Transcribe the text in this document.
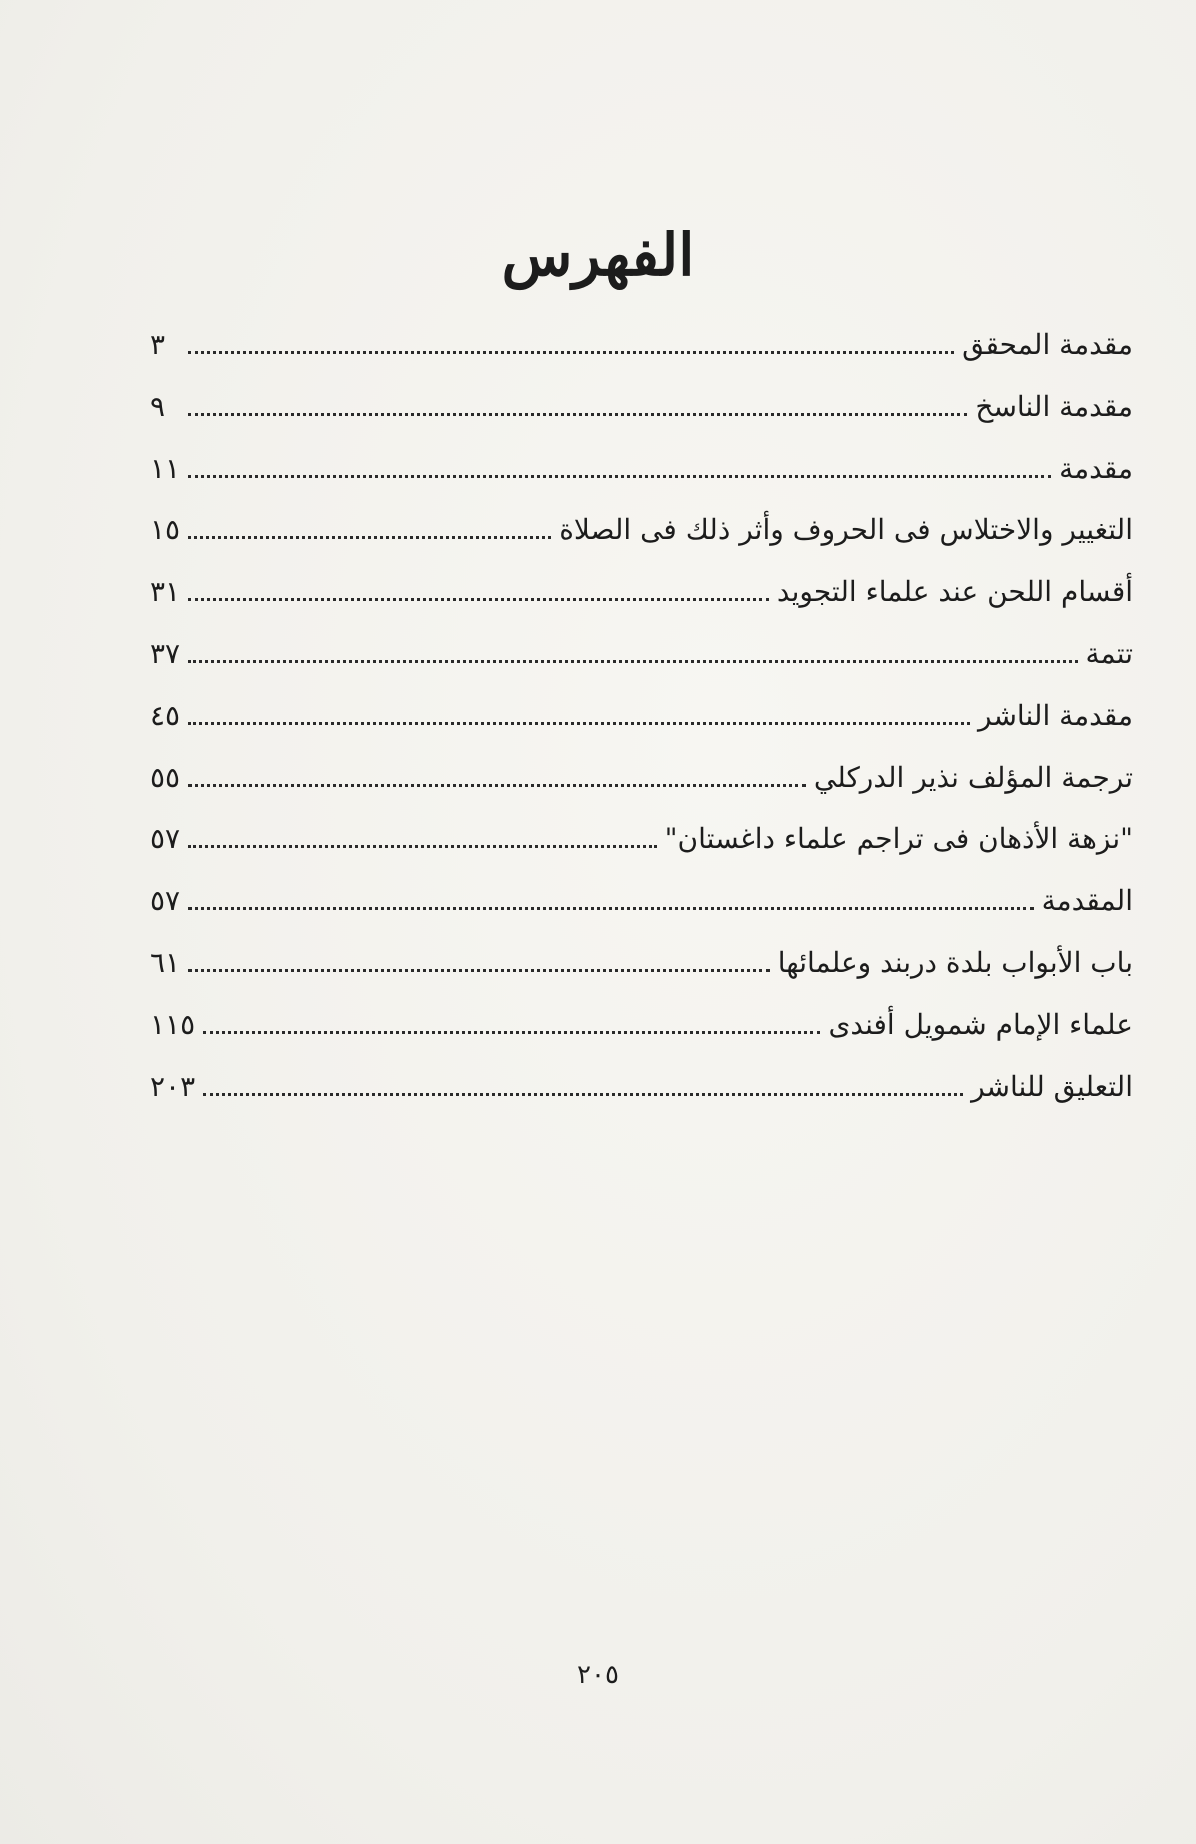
الفهرس
مقدمة المحقق
٣
مقدمة الناسخ
٩
مقدمة
١١
التغيير والاختلاس فى الحروف وأثر ذلك فى الصلاة
١٥
أقسام اللحن عند علماء التجويد
٣١
تتمة
٣٧
مقدمة الناشر
٤٥
ترجمة المؤلف نذير الدركلي
٥٥
"نزهة الأذهان فى تراجم علماء داغستان"
٥٧
المقدمة
٥٧
باب الأبواب بلدة دربند وعلمائها
٦١
علماء الإمام شمويل أفندى
١١٥
التعليق للناشر
٢٠٣
٢٠٥
